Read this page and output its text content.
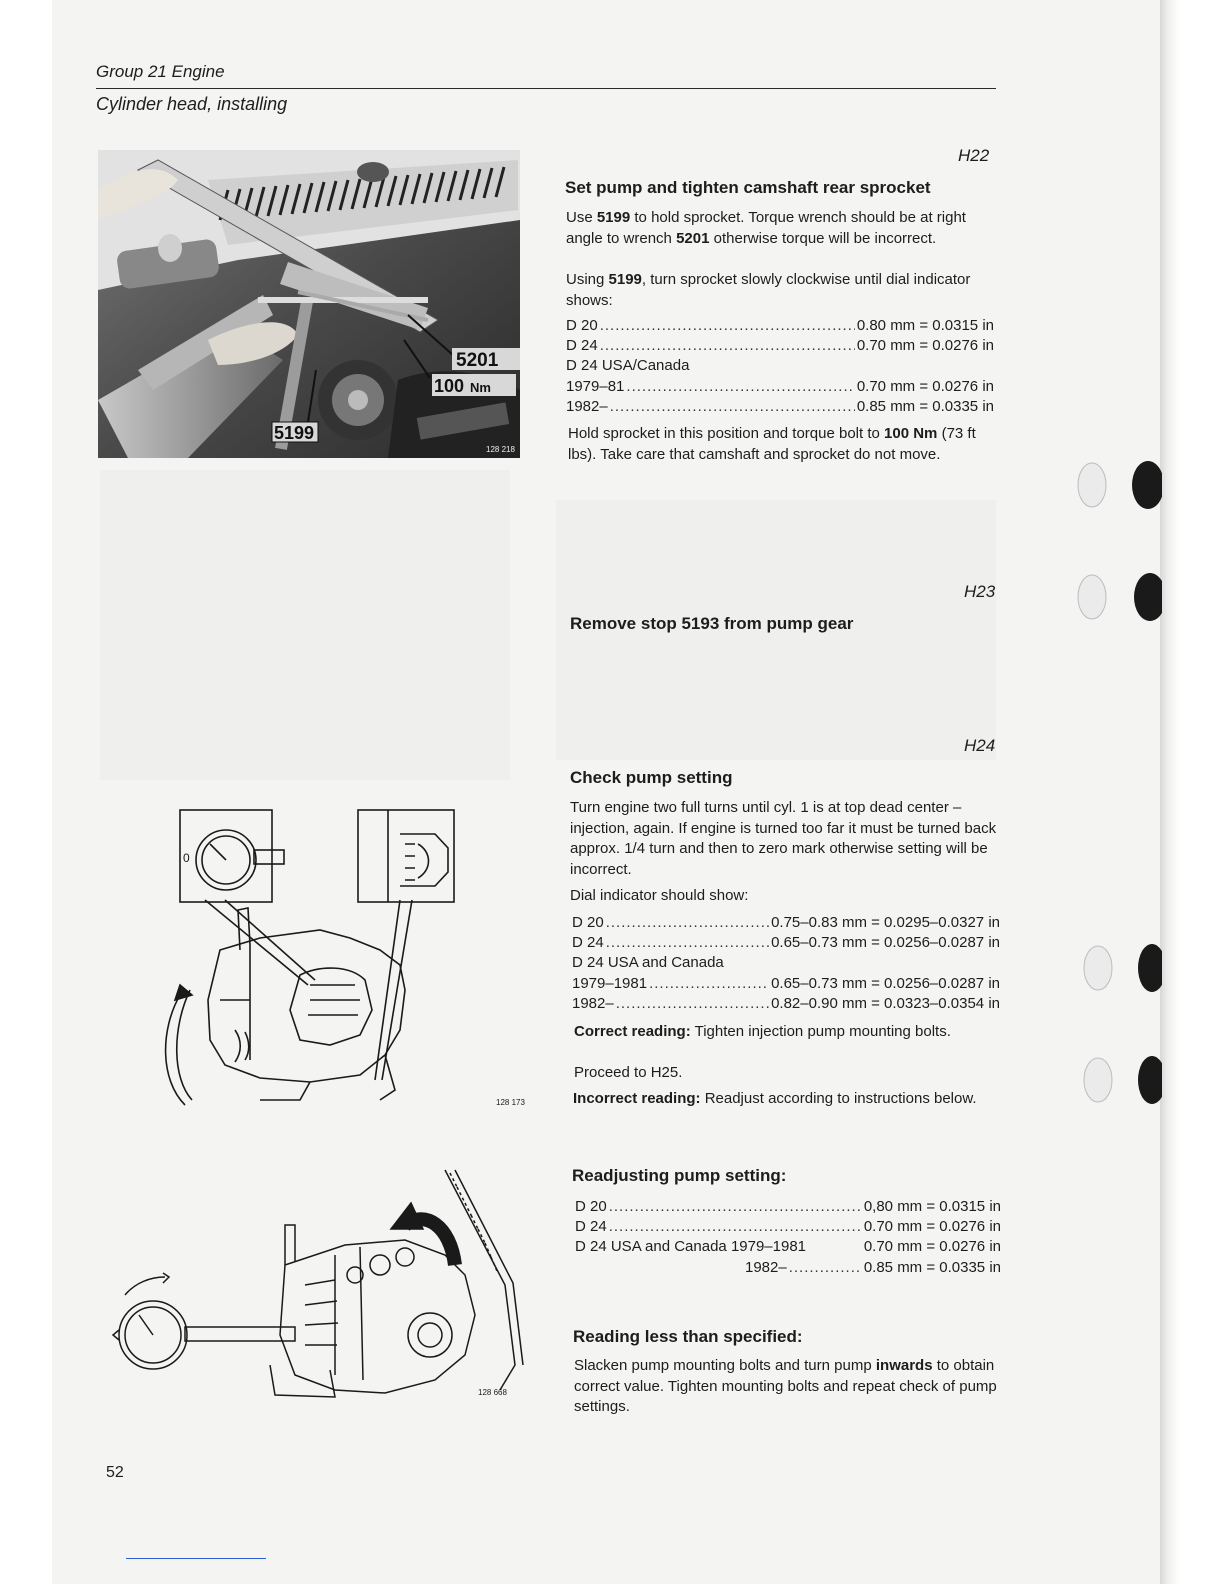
Group 21 Engine
Cylinder head, installing
5201
100 Nm
5199
128 218
0
128 173
128 668
H22
Set pump and tighten camshaft rear sprocket
Use 5199 to hold sprocket. Torque wrench should be at right angle to wrench 5201 otherwise torque will be incorrect.
Using 5199, turn sprocket slowly clockwise until dial indicator shows:
D 20 .....	0.80 mm = 0.0315 in
D 24 .....	0.70 mm = 0.0276 in
D 24 USA/Canada
1979–81 .....	0.70 mm = 0.0276 in
1982– .....	0.85 mm = 0.0335 in
Hold sprocket in this position and torque bolt to 100 Nm (73 ft lbs). Take care that camshaft and sprocket do not move.
H23
Remove stop 5193 from pump gear
H24
Check pump setting
Turn engine two full turns until cyl. 1 is at top dead center – injection, again. If engine is turned too far it must be turned back approx. 1/4 turn and then to zero mark otherwise setting will be incorrect.
Dial indicator should show:
D 20 .....	0.75–0.83 mm = 0.0295–0.0327 in
D 24 .....	0.65–0.73 mm = 0.0256–0.0287 in
D 24 USA and Canada
1979–1981 .....	0.65–0.73 mm = 0.0256–0.0287 in
1982– .....	0.82–0.90 mm = 0.0323–0.0354 in
Correct reading: Tighten injection pump mounting bolts.
Proceed to H25.
Incorrect reading: Readjust according to instructions below.
Readjusting pump setting:
D 20 .....	0,80 mm = 0.0315 in
D 24 .....	0.70 mm = 0.0276 in
D 24 USA and Canada 1979–1981	0.70 mm = 0.0276 in
1982– .....	0.85 mm = 0.0335 in
Reading less than specified:
Slacken pump mounting bolts and turn pump inwards to obtain correct value. Tighten mounting bolts and repeat check of pump settings.
52
